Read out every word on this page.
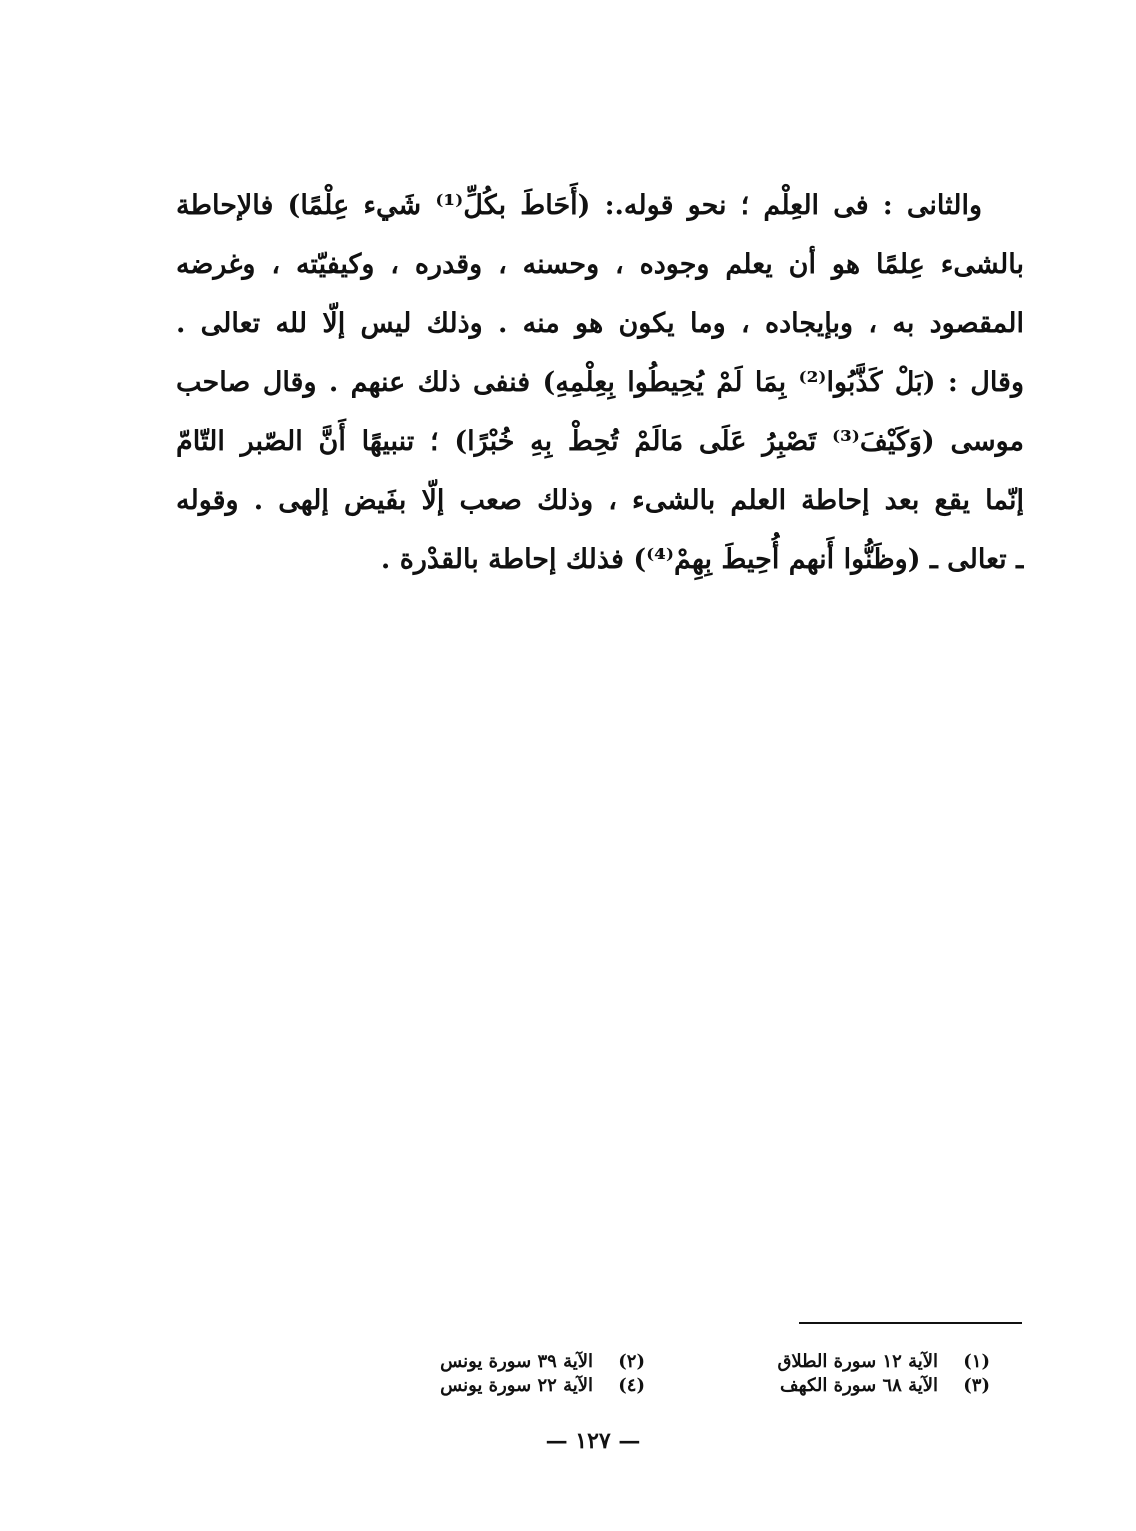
والثانى : فى العِلْم ؛ نحو قوله.: (أَحَاطَ بكُلِّ⁽¹⁾ شَيء عِلْمًا) فالإحاطة
بالشىء عِلمًا هو أن يعلم وجوده ، وحسنه ، وقدره ، وكيفيّته ، وغرضه
المقصود به ، وبإيجاده ، وما يكون هو منه . وذلك ليس إلّا لله تعالى .
وقال : (بَلْ كَذَّبُوا⁽²⁾ بِمَا لَمْ يُحِيطُوا بِعِلْمِهِ) فنفى ذلك عنهم . وقال صاحب
موسى (وَكَيْفَ⁽³⁾ تَصْبِرُ عَلَى مَالَمْ تُحِطْ بِهِ خُبْرًا) ؛ تنبيهًا أَنَّ الصّبر التّامّ
إنّما يقع بعد إحاطة العلم بالشىء ، وذلك صعب إلّا بفَيض إلهى . وقوله
ـ تعالى ـ (وظَنُّوا أَنهم أُحِيطَ بِهِمْ⁽⁴⁾) فذلك إحاطة بالقدْرة .
(١)
الآية ١٢ سورة الطلاق
(٢)
الآية ٣٩ سورة يونس
(٣)
الآية ٦٨ سورة الكهف
(٤)
الآية ٢٢ سورة يونس
— ١٢٧ —
